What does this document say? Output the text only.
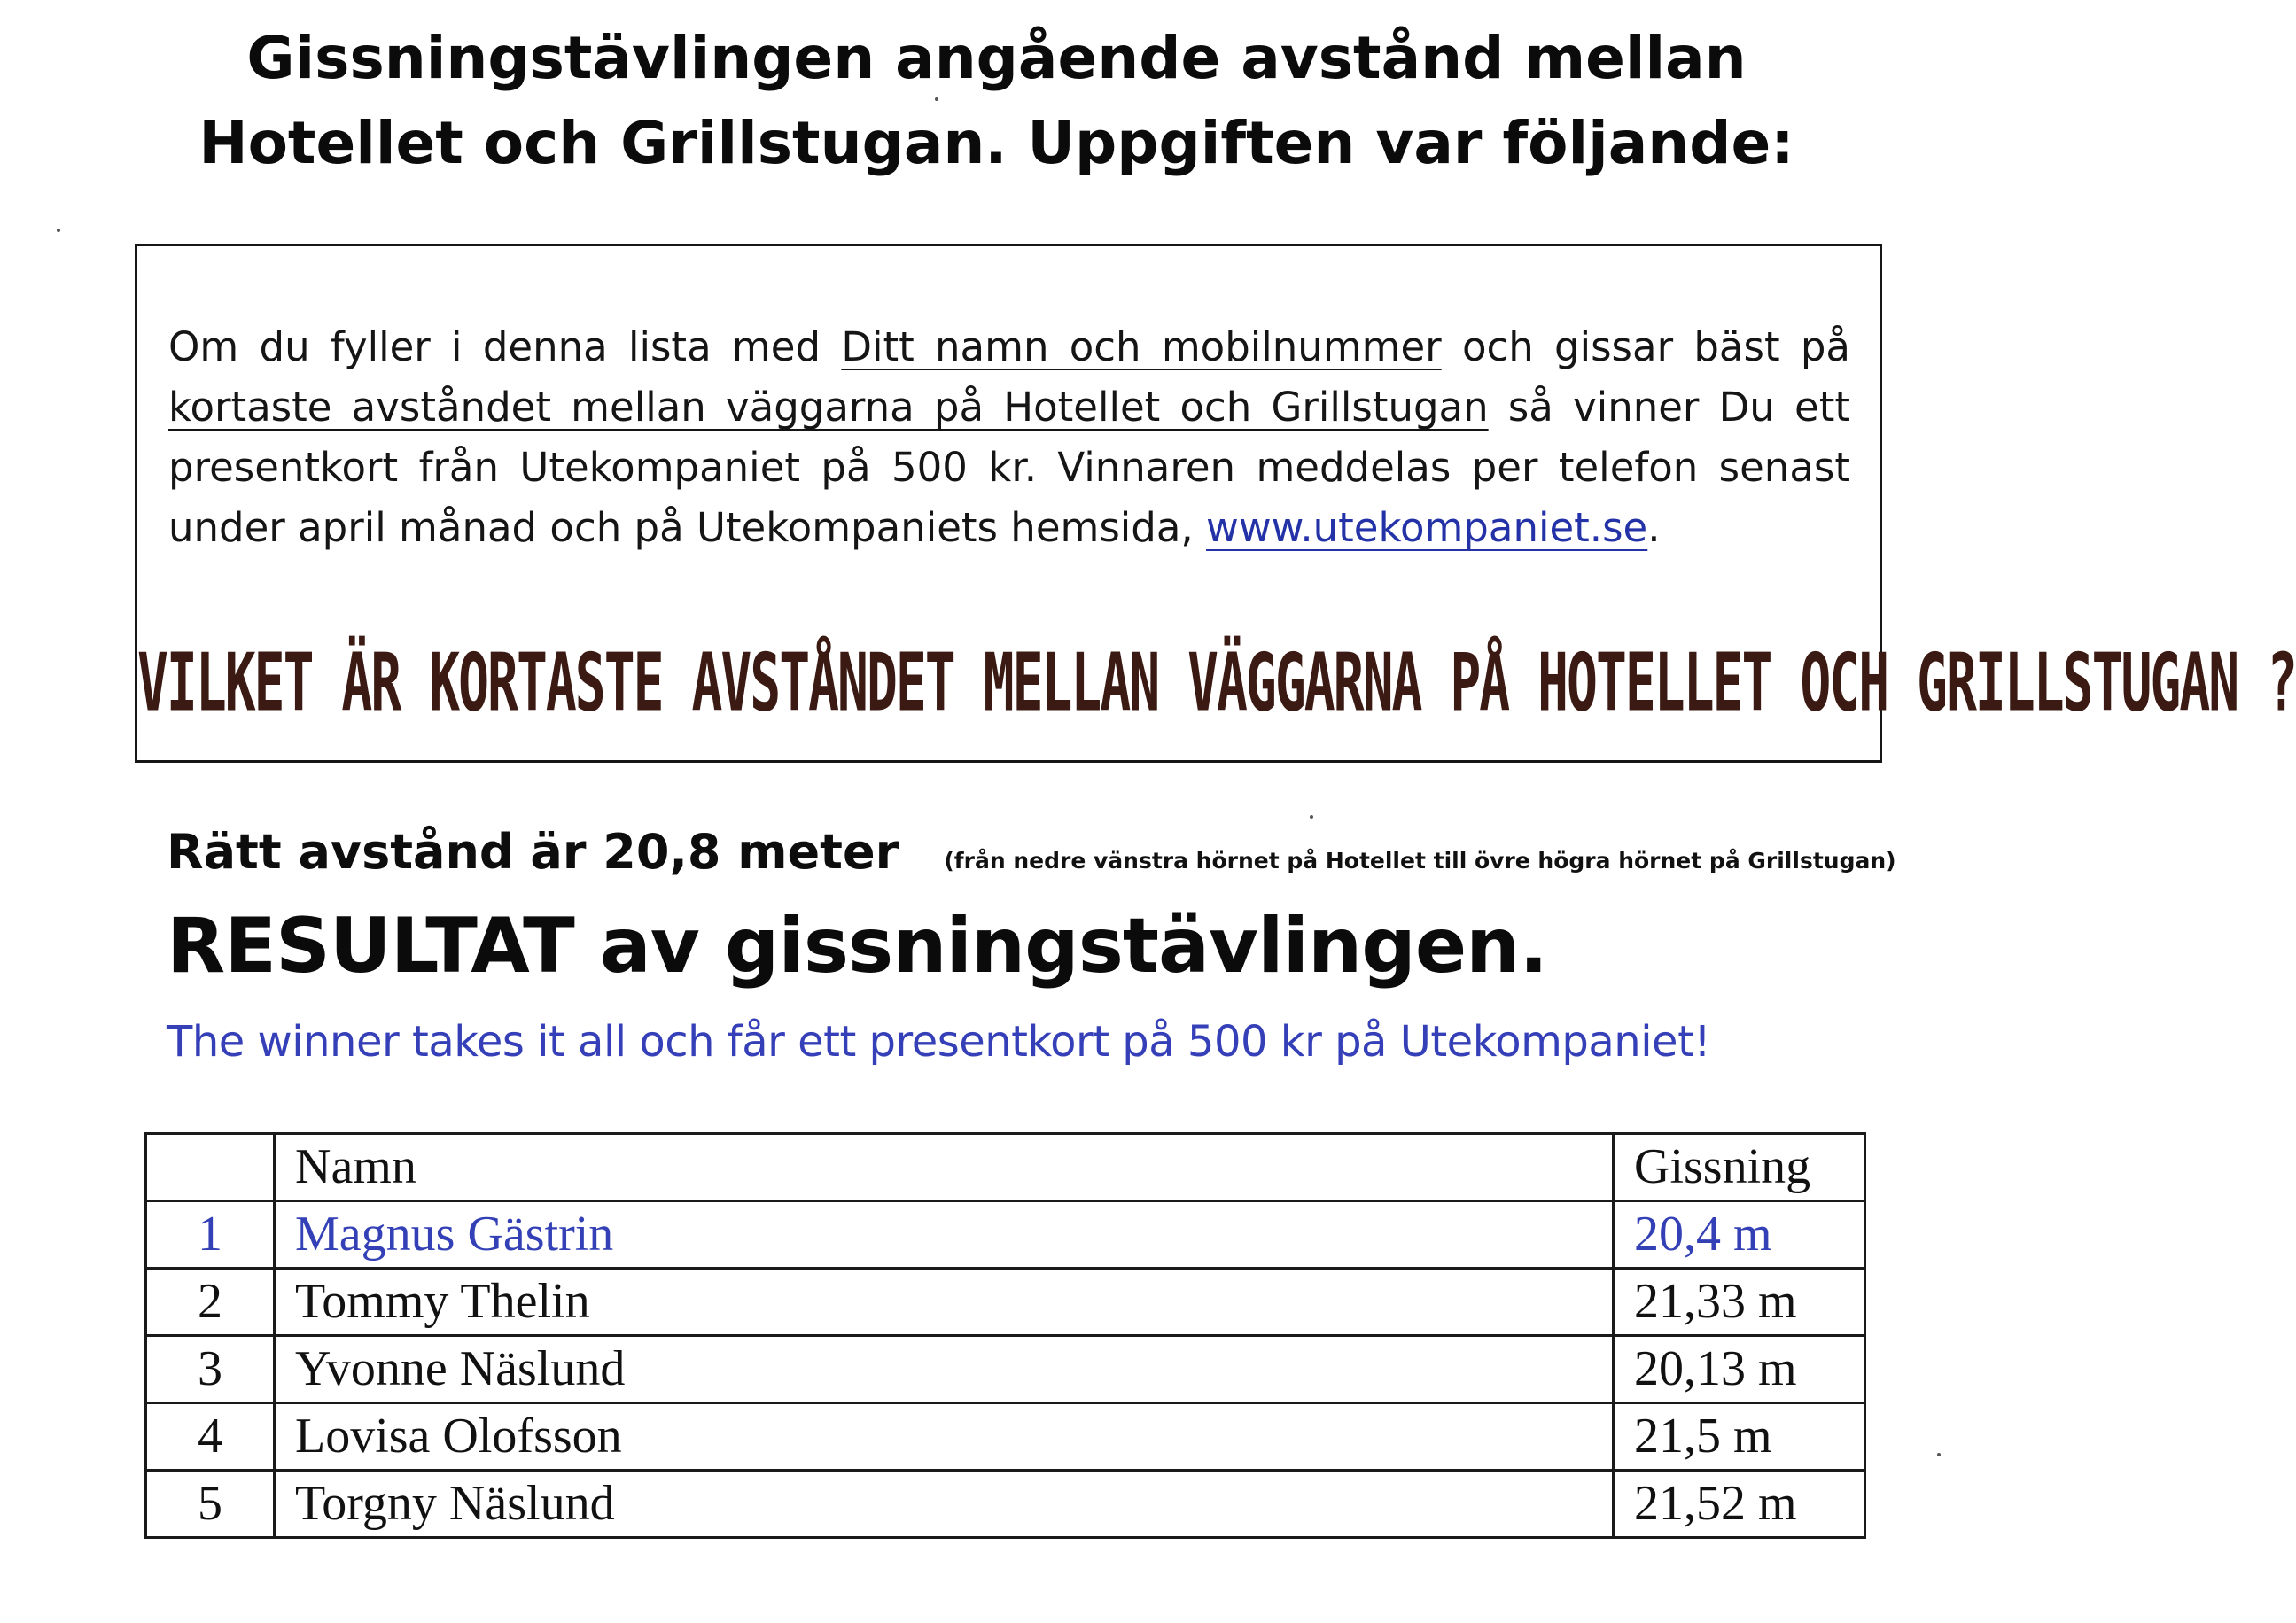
Gissningstävlingen angående avstånd mellan
Hotellet och Grillstugan. Uppgiften var följande:
Om du fyller i denna lista med Ditt namn och mobilnummer och gissar bäst på kortaste avståndet mellan väggarna på Hotellet och Grillstugan så vinner Du ett presentkort från Utekompaniet på 500 kr. Vinnaren meddelas per telefon senast under april månad och på Utekompaniets hemsida, www.utekompaniet.se.
VILKET ÄR KORTASTE AVSTÅNDET MELLAN VÄGGARNA PÅ HOTELLET OCH GRILLSTUGAN ?
Rätt avstånd är 20,8 meter (från nedre vänstra hörnet på Hotellet till övre högra hörnet på Grillstugan)
RESULTAT av gissningstävlingen.
The winner takes it all och får ett presentkort på 500 kr på Utekompaniet!
	Namn	Gissning
1	Magnus Gästrin	20,4 m
2	Tommy Thelin	21,33 m
3	Yvonne Näslund	20,13 m
4	Lovisa Olofsson	21,5 m
5	Torgny Näslund	21,52 m
